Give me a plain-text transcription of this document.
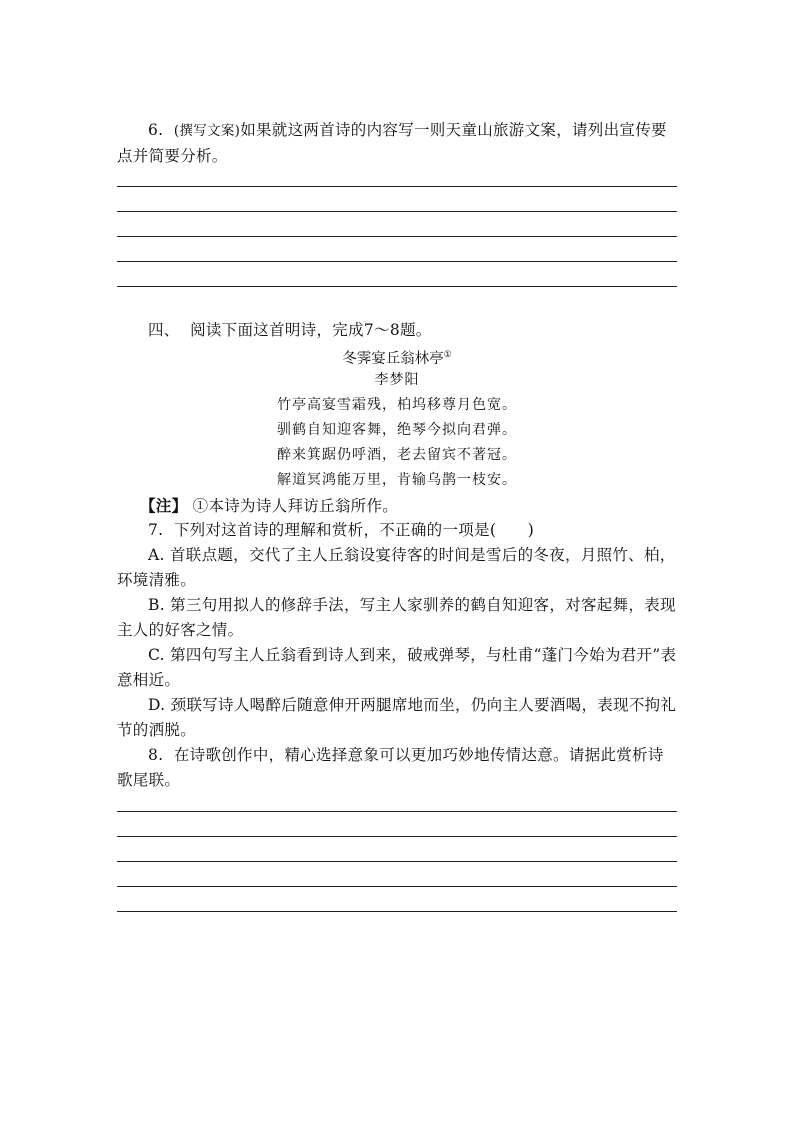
6. (撰写文案)如果就这两首诗的内容写一则天童山旅游文案，请列出宣传要点并简要分析。
四、 阅读下面这首明诗，完成7～8题。
冬霁宴丘翁林亭①
李梦阳
竹亭高宴雪霜残，柏坞移尊月色宽。
驯鹤自知迎客舞，绝琴今拟向君弹。
醉来箕踞仍呼酒，老去留宾不著冠。
解道冥鸿能万里，肯输乌鹊一枝安。
【注】 ①本诗为诗人拜访丘翁所作。
7. 下列对这首诗的理解和赏析，不正确的一项是(　　)
A. 首联点题，交代了主人丘翁设宴待客的时间是雪后的冬夜，月照竹、柏，环境清雅。
B. 第三句用拟人的修辞手法，写主人家驯养的鹤自知迎客，对客起舞，表现主人的好客之情。
C. 第四句写主人丘翁看到诗人到来，破戒弹琴，与杜甫“蓬门今始为君开”表意相近。
D. 颈联写诗人喝醉后随意伸开两腿席地而坐，仍向主人要酒喝，表现不拘礼节的洒脱。
8. 在诗歌创作中，精心选择意象可以更加巧妙地传情达意。请据此赏析诗歌尾联。
